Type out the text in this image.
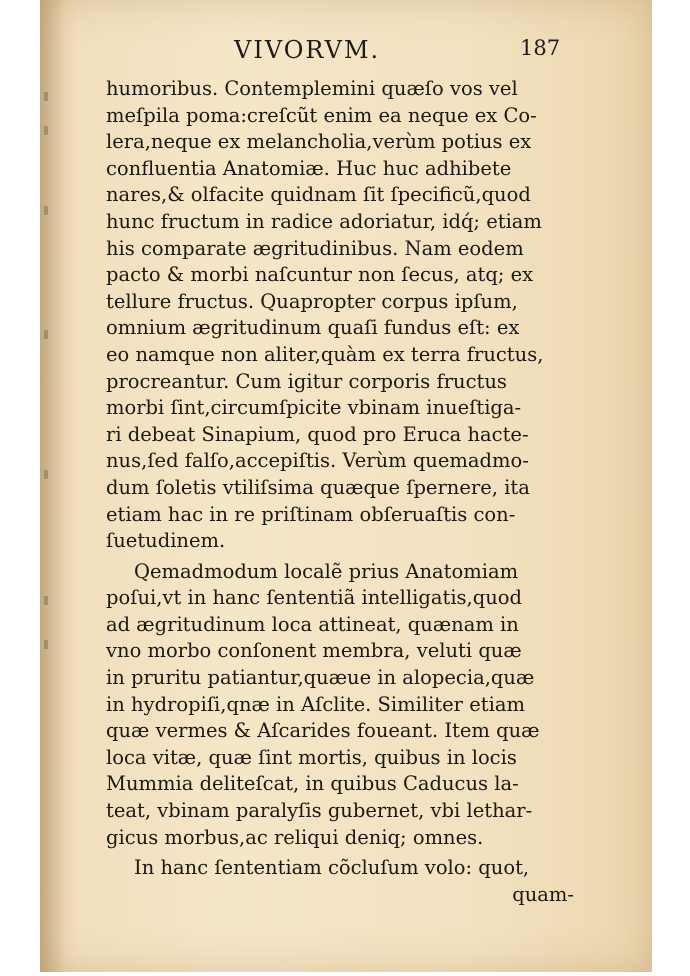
VIVORVM.	187
humoribus. Contemplemini quæſo vos vel
meſpila poma:creſcũt enim ea neque ex Co-
lera,neque ex melancholia,verùm potius ex
confluentia Anatomiæ. Huc huc adhibete
nares,& olfacite quidnam ſit ſpecificũ,quod
hunc fructum in radice adoriatur, idq́; etiam
his comparate ægritudinibus. Nam eodem
pacto & morbi naſcuntur non ſecus, atq; ex
tellure fructus. Quapropter corpus ipſum,
omnium ægritudinum quaſi fundus eſt: ex
eo namque non aliter,quàm ex terra fructus,
procreantur. Cum igitur corporis fructus
morbi ſint,circumſpicite vbinam inueſtiga-
ri debeat Sinapium, quod pro Eruca hacte-
nus,ſed falſo,accepiſtis. Verùm quemadmo-
dum ſoletis vtiliſsima quæque ſpernere, ita
etiam hac in re priſtinam obſeruaſtis con-
ſuetudinem.
Qemadmodum localẽ prius Anatomiam
poſui,vt in hanc ſententiã intelligatis,quod
ad ægritudinum loca attineat, quænam in
vno morbo conſonent membra, veluti quæ
in pruritu patiantur,quæue in alopecia,quæ
in hydropiſi,qnæ in Aſclite. Similiter etiam
quæ vermes & Aſcarides foueant. Item quæ
loca vitæ, quæ ſint mortis, quibus in locis
Mummia deliteſcat, in quibus Caducus la-
teat, vbinam paralyſis gubernet, vbi lethar-
gicus morbus,ac reliqui deniq; omnes.
In hanc ſententiam cõcluſum volo: quot,
quam-
